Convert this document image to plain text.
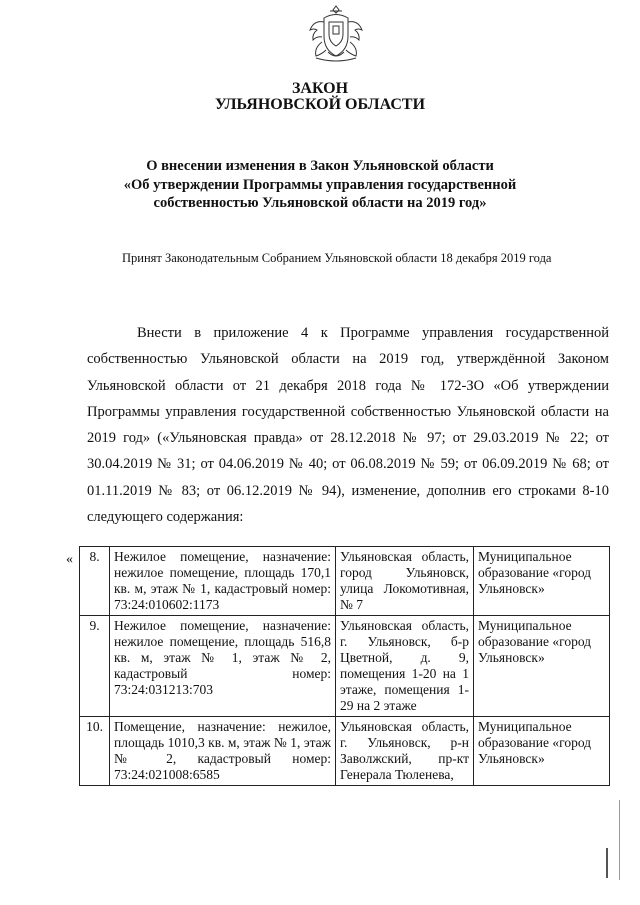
ЗАКОН
УЛЬЯНОВСКОЙ ОБЛАСТИ
О внесении изменения в Закон Ульяновской области
«Об утверждении Программы управления государственной
собственностью Ульяновской области на 2019 год»
Принят Законодательным Собранием Ульяновской области 18 декабря 2019 года

Внести в приложение 4 к Программе управления государственной собственностью Ульяновской области на 2019 год, утверждённой Законом Ульяновской области от 21 декабря 2018 года № 172-ЗО «Об утверждении Программы управления государственной собственностью Ульяновской области на 2019 год» («Ульяновская правда» от 28.12.2018 № 97; от 29.03.2019 № 22; от 30.04.2019 № 31; от 04.06.2019 № 40; от 06.08.2019 № 59; от 06.09.2019 № 68; от 01.11.2019 № 83; от 06.12.2019 № 94), изменение, дополнив его строками 8-10 следующего содержания:

« 8.	Нежилое помещение, назначение: нежилое помещение, площадь 170,1 кв. м, этаж № 1, кадастровый номер: 73:24:010602:1173	Ульяновская область, город Ульяновск, улица Локомотивная, № 7	Муниципальное образование «город Ульяновск»
9.	Нежилое помещение, назначение: нежилое помещение, площадь 516,8 кв. м, этаж № 1, этаж № 2, кадастровый номер: 73:24:031213:703	Ульяновская область, г. Ульяновск, б-р Цветной, д. 9, помещения 1-20 на 1 этаже, помещения 1-29 на 2 этаже	Муниципальное образование «город Ульяновск»
10.	Помещение, назначение: нежилое, площадь 1010,3 кв. м, этаж № 1, этаж № 2, кадастровый номер: 73:24:021008:6585	Ульяновская область, г. Ульяновск, р-н Заволжский, пр-кт Генерала Тюленева,	Муниципальное образование «город Ульяновск»
